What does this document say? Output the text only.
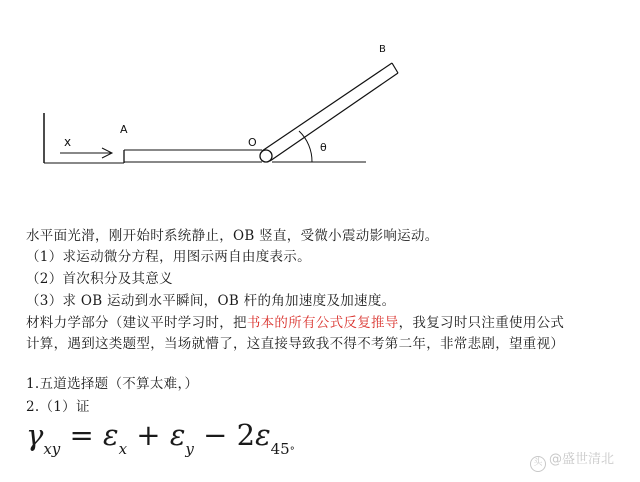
x
A
O
B
θ
水平面光滑，刚开始时系统静止，OB 竖直，受微小震动影响运动。
（1）求运动微分方程，用图示两自由度表示。
（2）首次积分及其意义
（3）求 OB 运动到水平瞬间，OB 杆的角加速度及加速度。
材料力学部分（建议平时学习时，把书本的所有公式反复推导，我复习时只注重使用公式
计算，遇到这类题型，当场就懵了，这直接导致我不得不考第二年，非常悲剧，望重视）
1.五道选择题（不算太难，）
2.（1）证
$\gamma xy = \varepsilon x + \varepsilon y - 2\varepsilon 45^\circ$
头 @盛世清北
